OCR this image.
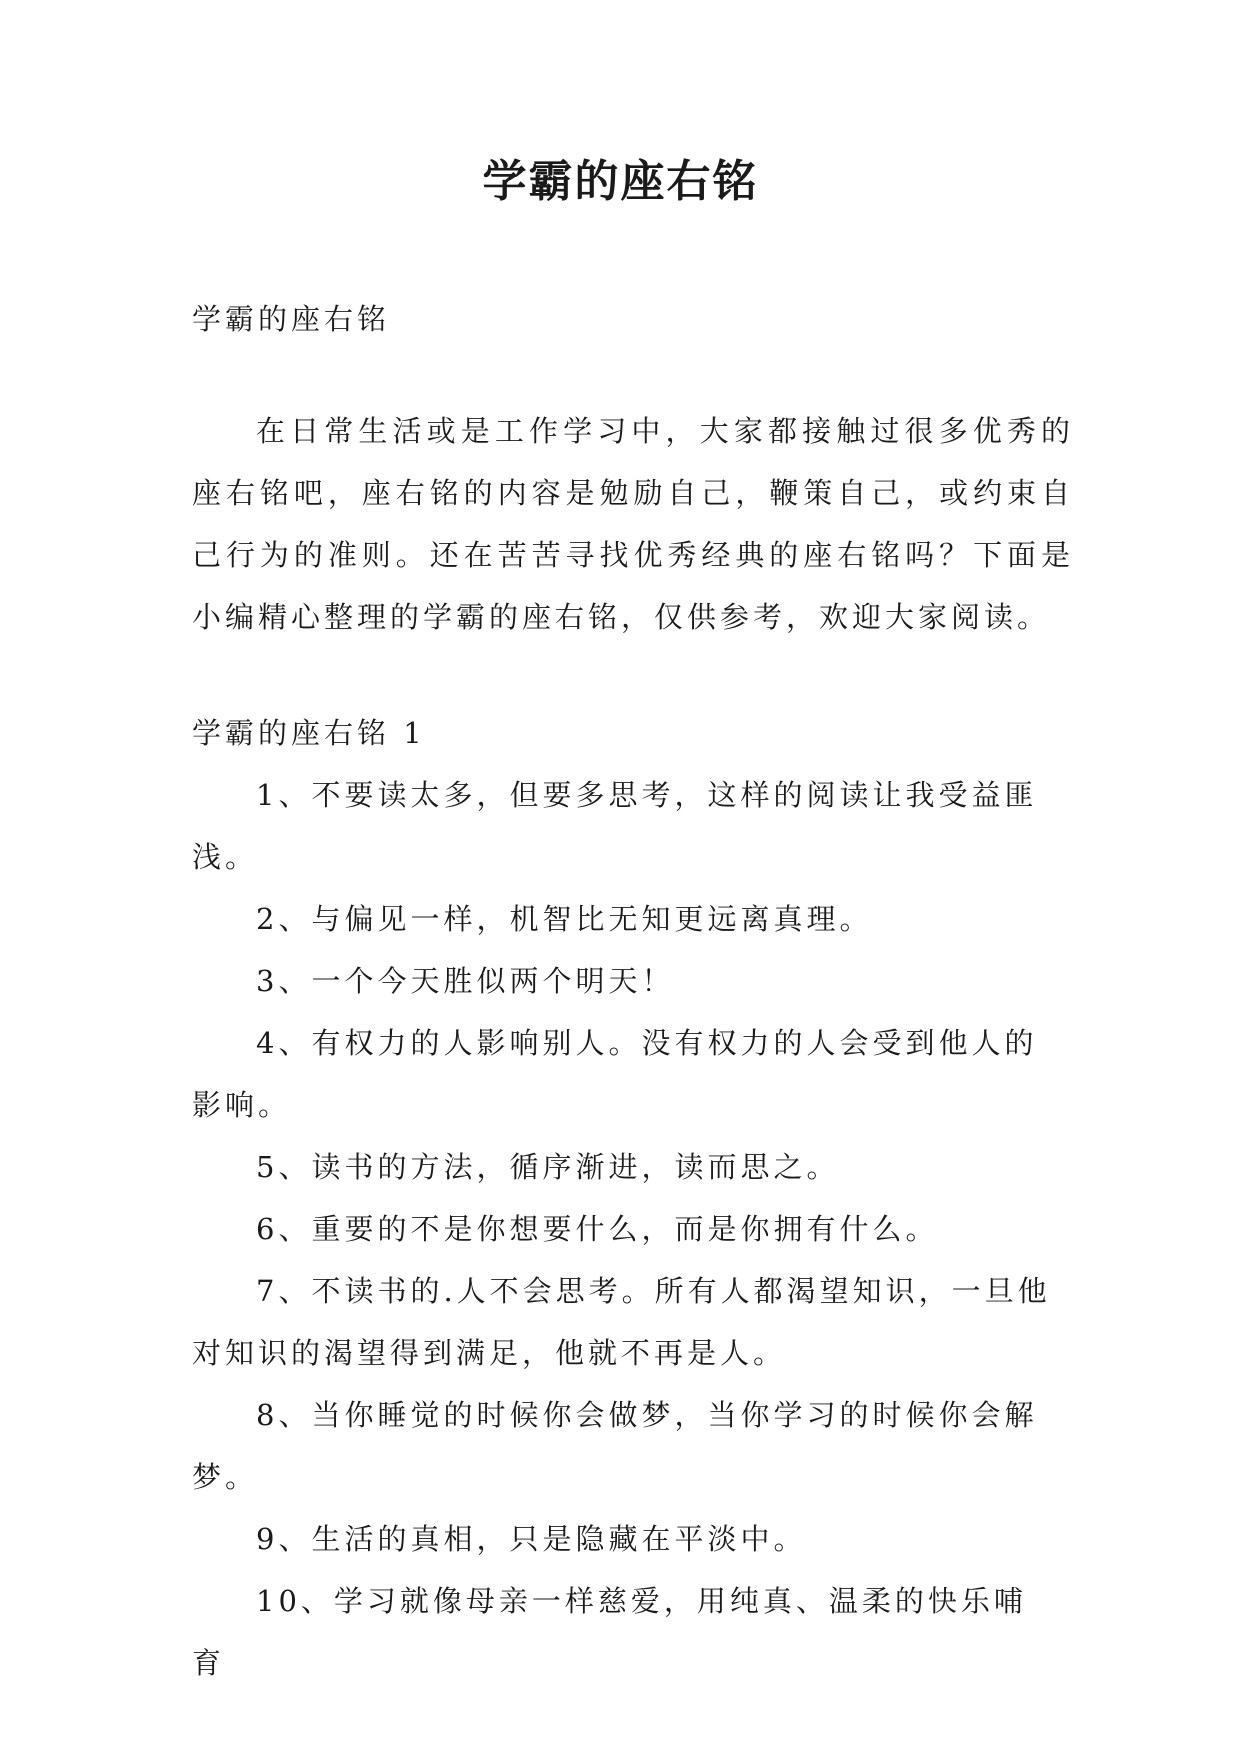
学霸的座右铭

学霸的座右铭

在日常生活或是工作学习中，大家都接触过很多优秀的座右铭吧，座右铭的内容是勉励自己，鞭策自己，或约束自己行为的准则。还在苦苦寻找优秀经典的座右铭吗？下面是小编精心整理的学霸的座右铭，仅供参考，欢迎大家阅读。

学霸的座右铭 1

1、不要读太多，但要多思考，这样的阅读让我受益匪浅。
2、与偏见一样，机智比无知更远离真理。
3、一个今天胜似两个明天！
4、有权力的人影响别人。没有权力的人会受到他人的影响。
5、读书的方法，循序渐进，读而思之。
6、重要的不是你想要什么，而是你拥有什么。
7、不读书的.人不会思考。所有人都渴望知识，一旦他对知识的渴望得到满足，他就不再是人。
8、当你睡觉的时候你会做梦，当你学习的时候你会解梦。
9、生活的真相，只是隐藏在平淡中。
10、学习就像母亲一样慈爱，用纯真、温柔的快乐哺育
